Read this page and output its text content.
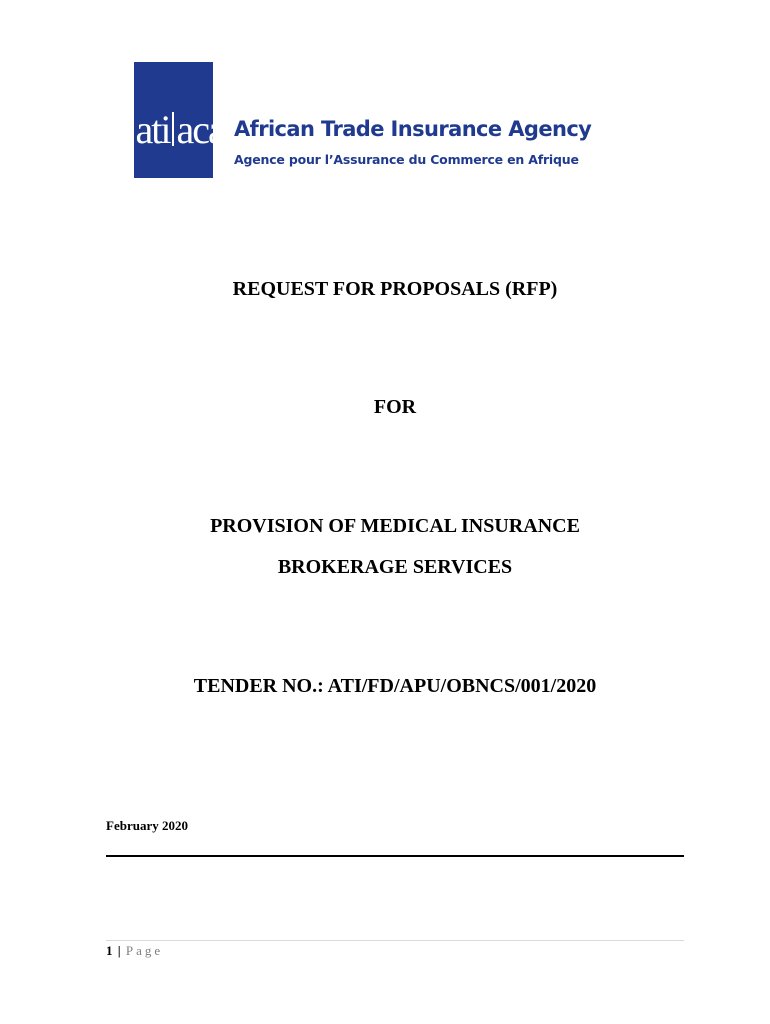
ati aca African Trade Insurance Agency
Agence pour l’Assurance du Commerce en Afrique
REQUEST FOR PROPOSALS (RFP)
FOR
PROVISION OF MEDICAL INSURANCE
BROKERAGE SERVICES
TENDER NO.: ATI/FD/APU/OBNCS/001/2020
February 2020
1 | Page
